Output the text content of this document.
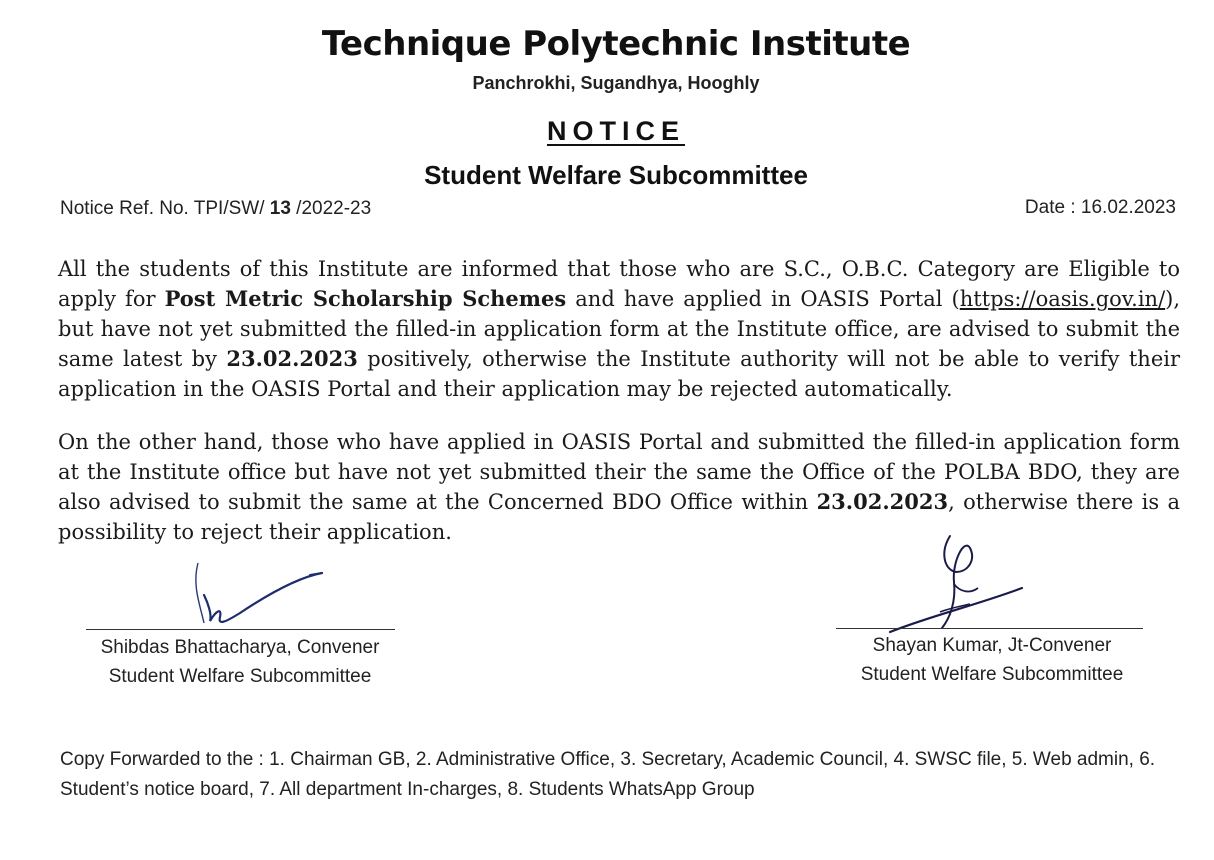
Technique Polytechnic Institute
Panchrokhi, Sugandhya, Hooghly
NOTICE
Student Welfare Subcommittee
Notice Ref. No. TPI/SW/ 13 /2022-23	Date : 16.02.2023
All the students of this Institute are informed that those who are S.C., O.B.C. Category are Eligible to apply for Post Metric Scholarship Schemes and have applied in OASIS Portal (https://oasis.gov.in/), but have not yet submitted the filled-in application form at the Institute office, are advised to submit the same latest by 23.02.2023 positively, otherwise the Institute authority will not be able to verify their application in the OASIS Portal and their application may be rejected automatically.
On the other hand, those who have applied in OASIS Portal and submitted the filled-in application form at the Institute office but have not yet submitted their the same the Office of the POLBA BDO, they are also advised to submit the same at the Concerned BDO Office within 23.02.2023, otherwise there is a possibility to reject their application.
Shibdas Bhattacharya, Convener
Student Welfare Subcommittee
Shayan Kumar, Jt-Convener
Student Welfare Subcommittee
Copy Forwarded to the : 1. Chairman GB, 2. Administrative Office, 3. Secretary, Academic Council, 4. SWSC file, 5. Web admin, 6. Student’s notice board, 7. All department In-charges, 8. Students WhatsApp Group
